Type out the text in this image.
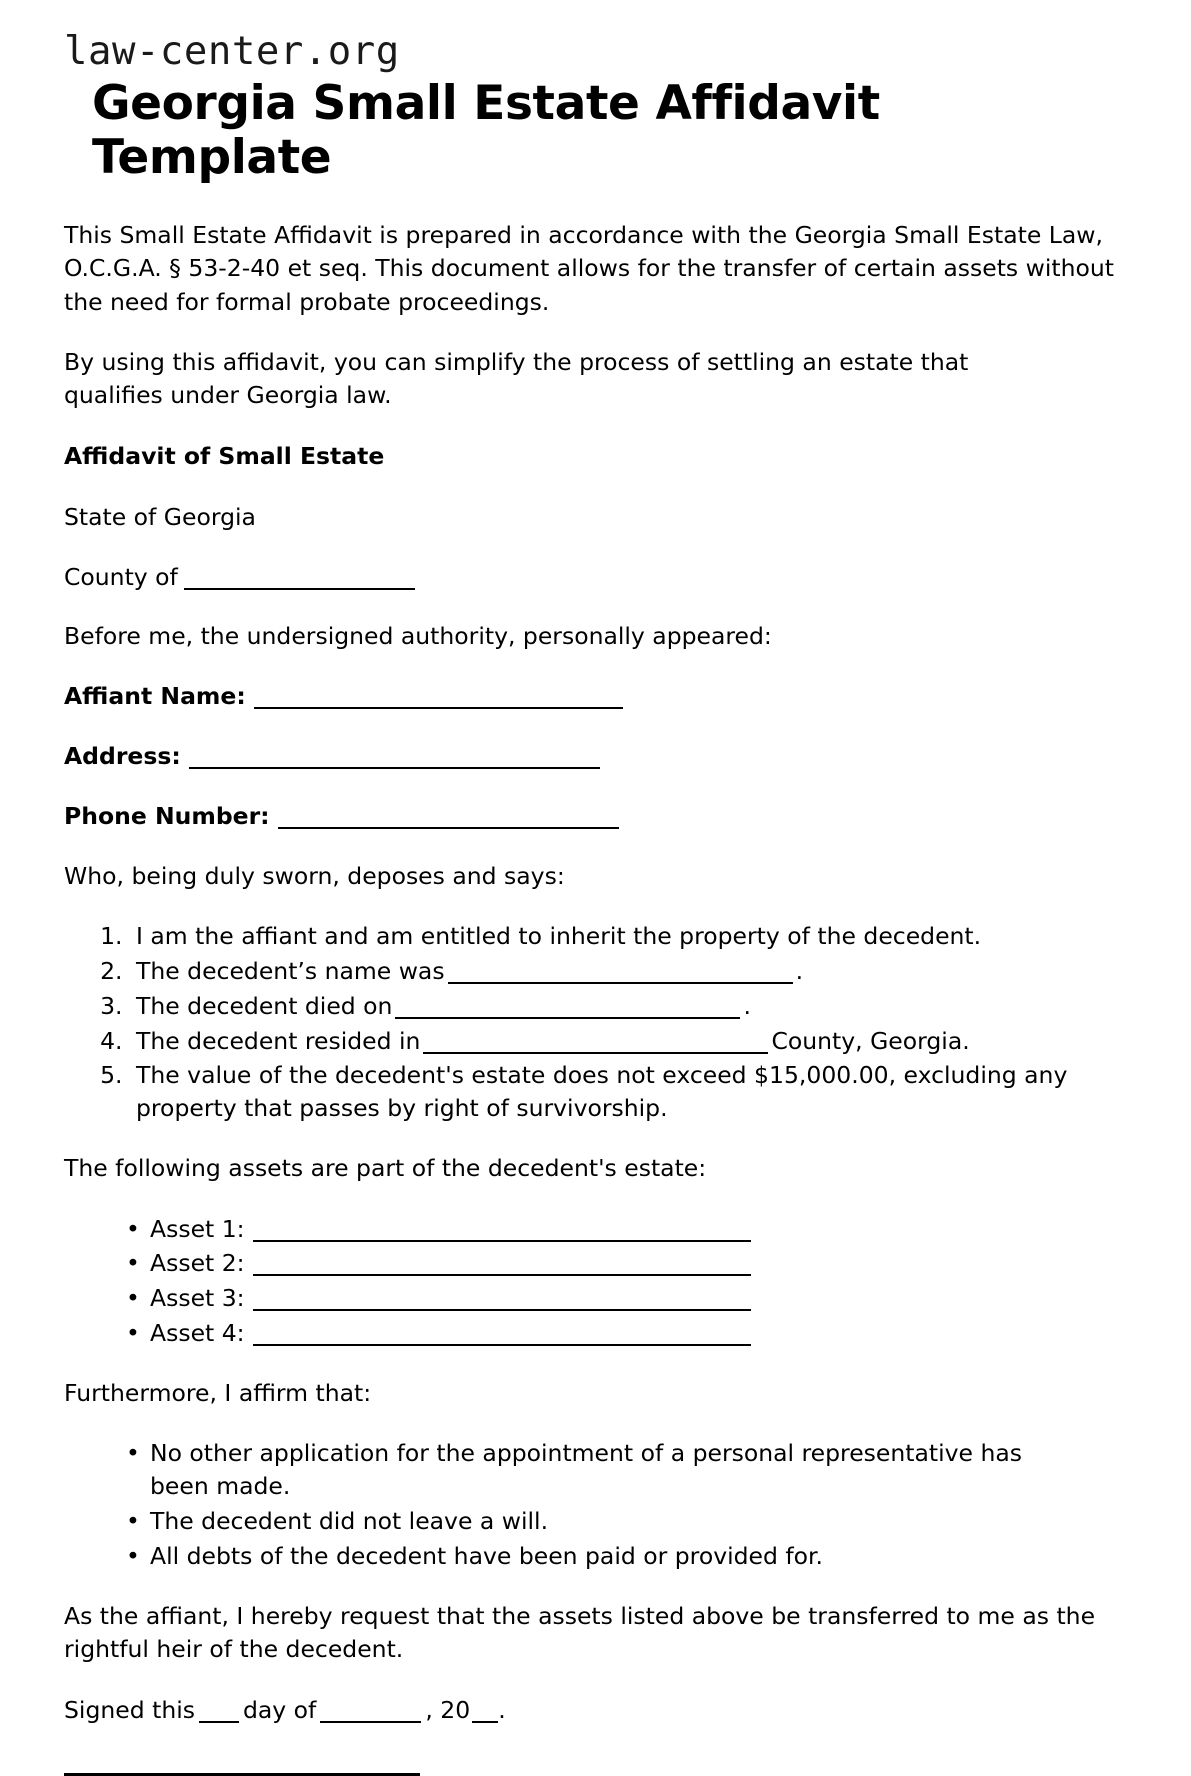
law-center.org
Georgia Small Estate Affidavit Template

This Small Estate Affidavit is prepared in accordance with the Georgia Small Estate Law, O.C.G.A. § 53-2-40 et seq. This document allows for the transfer of certain assets without the need for formal probate proceedings.

By using this affidavit, you can simplify the process of settling an estate that qualifies under Georgia law.

Affidavit of Small Estate

State of Georgia

County of

Before me, the undersigned authority, personally appeared:

Affiant Name:

Address:

Phone Number:

Who, being duly sworn, deposes and says:

1. I am the affiant and am entitled to inherit the property of the decedent.
2. The decedent’s name was	.
3. The decedent died on	.
4. The decedent resided in	County, Georgia.
5. The value of the decedent's estate does not exceed $15,000.00, excluding any property that passes by right of survivorship.

The following assets are part of the decedent's estate:

• Asset 1:
• Asset 2:
• Asset 3:
• Asset 4:

Furthermore, I affirm that:

• No other application for the appointment of a personal representative has been made.
• The decedent did not leave a will.
• All debts of the decedent have been paid or provided for.

As the affiant, I hereby request that the assets listed above be transferred to me as the rightful heir of the decedent.

Signed this day of	, 20 .
